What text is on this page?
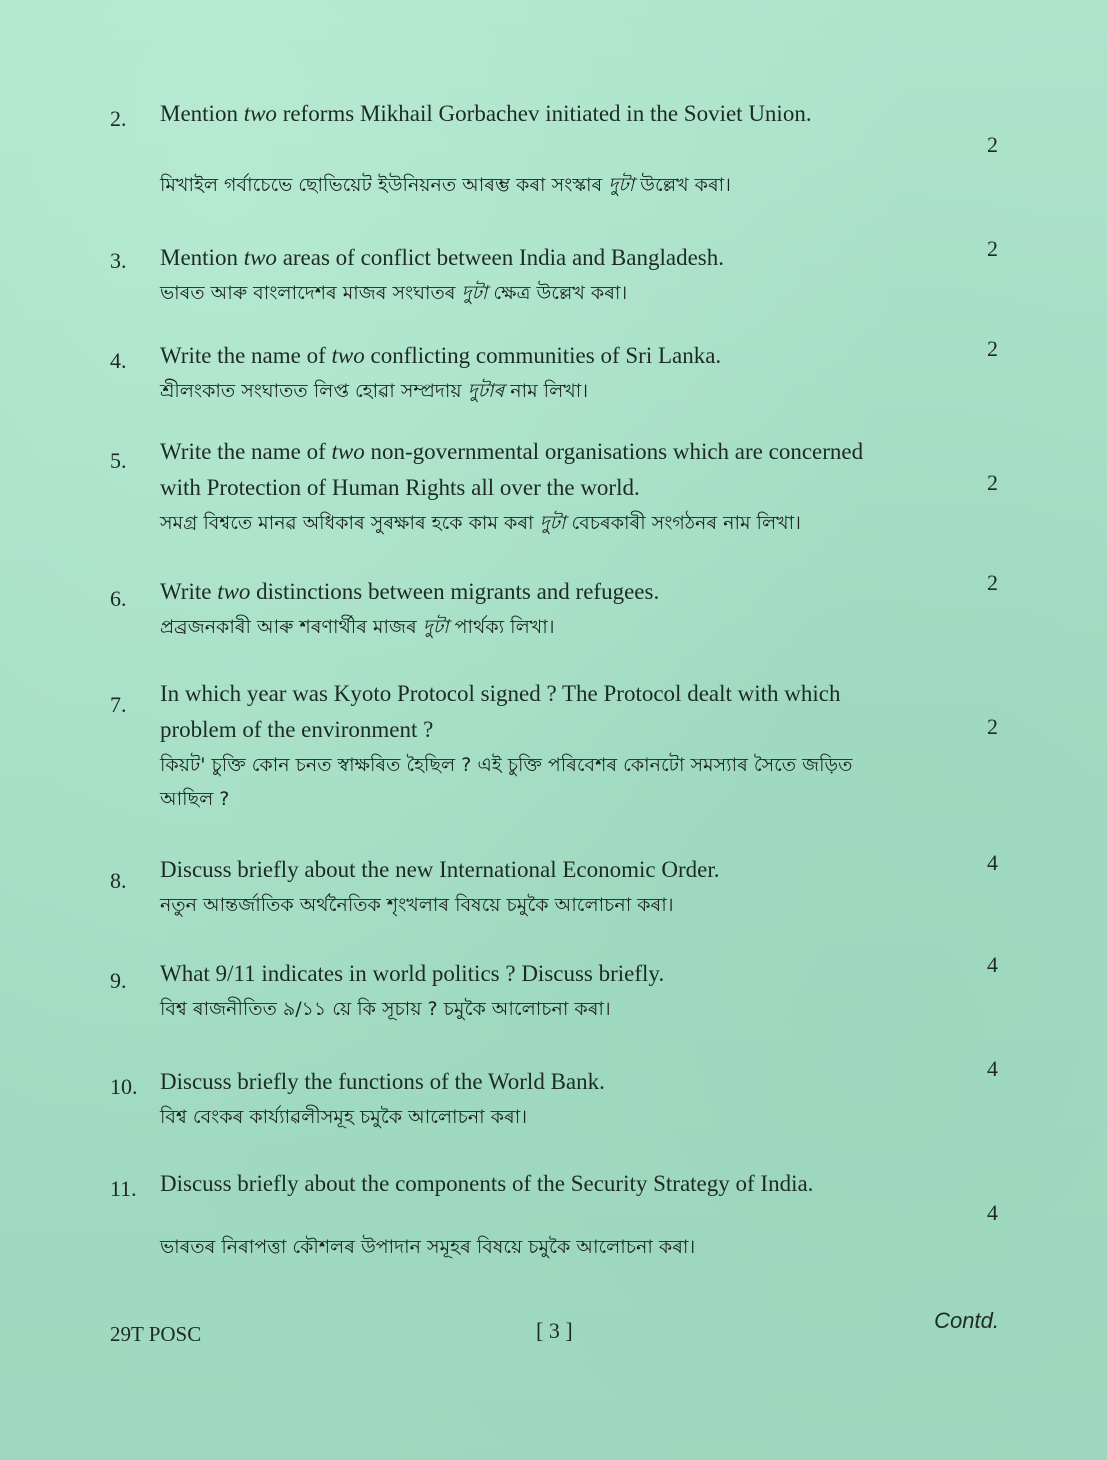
2.	Mention two reforms Mikhail Gorbachev initiated in the Soviet Union.
মিখাইল গৰ্বাচেভে ছোভিয়েট ইউনিয়নত আৰম্ভ কৰা সংস্কাৰ দুটা উল্লেখ কৰা।
2
3.	Mention two areas of conflict between India and Bangladesh.
ভাৰত আৰু বাংলাদেশৰ মাজৰ সংঘাতৰ দুটা ক্ষেত্ৰ উল্লেখ কৰা।
2
4.	Write the name of two conflicting communities of Sri Lanka.
শ্ৰীলংকাত সংঘাতত লিপ্ত হোৱা সম্প্ৰদায় দুটাৰ নাম লিখা।
2
5.	Write the name of two non-governmental organisations which are concerned
with Protection of Human Rights all over the world.
সমগ্ৰ বিশ্বতে মানৱ অধিকাৰ সুৰক্ষাৰ হকে কাম কৰা দুটা বেচৰকাৰী সংগঠনৰ নাম লিখা।
2
6.	Write two distinctions between migrants and refugees.
প্ৰব্ৰজনকাৰী আৰু শৰণাৰ্থীৰ মাজৰ দুটা পাৰ্থক্য লিখা।
2
7.	In which year was Kyoto Protocol signed ? The Protocol dealt with which
problem of the environment ?
কিয়ট' চুক্তি কোন চনত স্বাক্ষৰিত হৈছিল ? এই চুক্তি পৰিবেশৰ কোনটো সমস্যাৰ সৈতে জড়িত
আছিল ?
2
8.	Discuss briefly about the new International Economic Order.
নতুন আন্তৰ্জাতিক অৰ্থনৈতিক শৃংখলাৰ বিষয়ে চমুকৈ আলোচনা কৰা।
4
9.	What 9/11 indicates in world politics ? Discuss briefly.
বিশ্ব ৰাজনীতিত ৯/১১ য়ে কি সূচায় ? চমুকৈ আলোচনা কৰা।
4
10. Discuss briefly the functions of the World Bank.
বিশ্ব বেংকৰ কাৰ্য্যাৱলীসমূহ চমুকৈ আলোচনা কৰা।
4
11.	Discuss briefly about the components of the Security Strategy of India.
ভাৰতৰ নিৰাপত্তা কৌশলৰ উপাদান সমূহৰ বিষয়ে চমুকৈ আলোচনা কৰা।
4
29T POSC	[ 3 ]	Contd.
